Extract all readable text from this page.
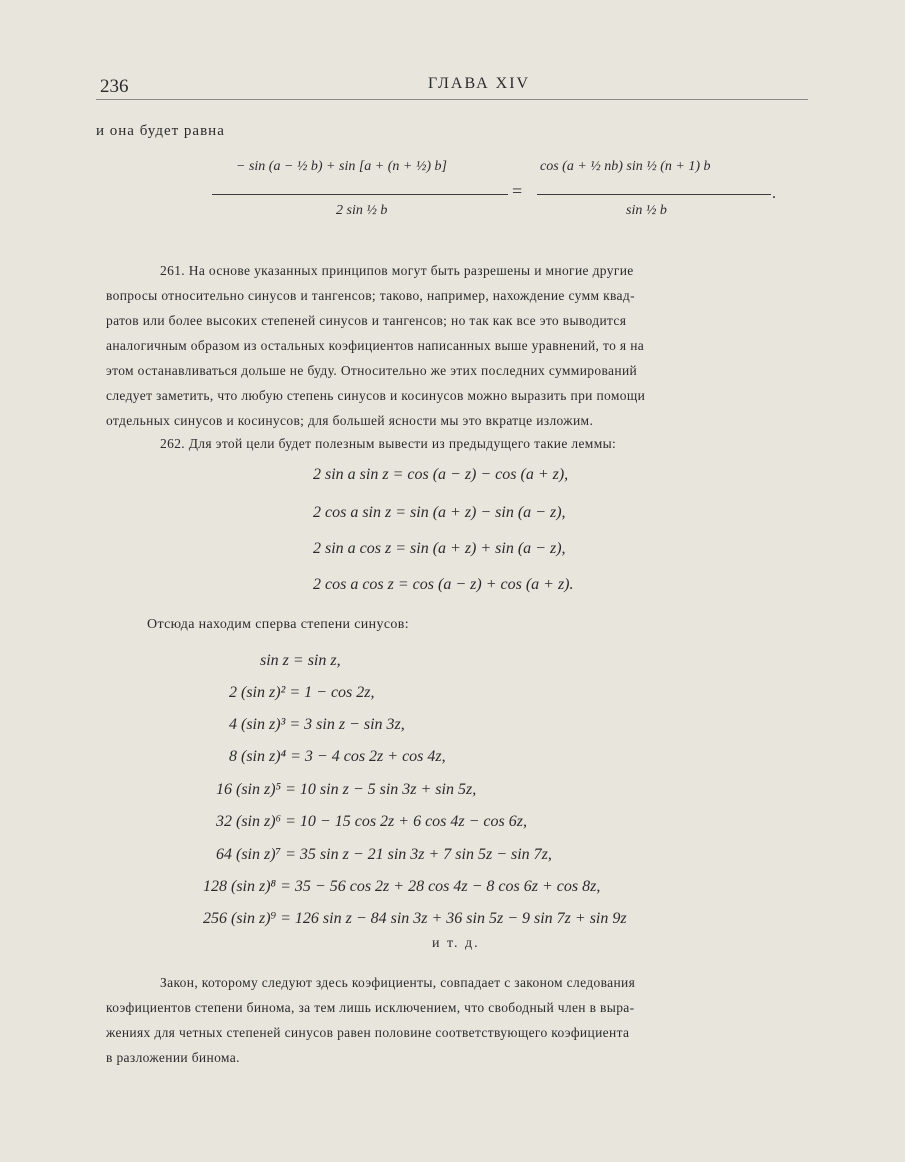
236	ГЛАВА XIV
и она будет равна
− sin (a − ½ b) + sin [a + (n + ½) b]
2 sin ½ b
=
cos (a + ½ nb) sin ½ (n + 1) b
sin ½ b
.
261. На основе указанных принципов могут быть разрешены и многие другие
вопросы относительно синусов и тангенсов; таково, например, нахождение сумм квад-
ратов или более высоких степеней синусов и тангенсов; но так как все это выводится
аналогичным образом из остальных коэфициентов написанных выше уравнений, то я на
этом останавливаться дольше не буду. Относительно же этих последних суммирований
следует заметить, что любую степень синусов и косинусов можно выразить при помощи
отдельных синусов и косинусов; для большей ясности мы это вкратце изложим.
262. Для этой цели будет полезным вывести из предыдущего такие леммы:
2 sin a sin z = cos (a − z) − cos (a + z),
2 cos a sin z = sin (a + z) − sin (a − z),
2 sin a cos z = sin (a + z) + sin (a − z),
2 cos a cos z = cos (a − z) + cos (a + z).
Отсюда находим сперва степени синусов:
sin z = sin z,
2 (sin z)² = 1 − cos 2z,
4 (sin z)³ = 3 sin z − sin 3z,
8 (sin z)⁴ = 3 − 4 cos 2z + cos 4z,
16 (sin z)⁵ = 10 sin z − 5 sin 3z + sin 5z,
32 (sin z)⁶ = 10 − 15 cos 2z + 6 cos 4z − cos 6z,
64 (sin z)⁷ = 35 sin z − 21 sin 3z + 7 sin 5z − sin 7z,
128 (sin z)⁸ = 35 − 56 cos 2z + 28 cos 4z − 8 cos 6z + cos 8z,
256 (sin z)⁹ = 126 sin z − 84 sin 3z + 36 sin 5z − 9 sin 7z + sin 9z
и т. д.
Закон, которому следуют здесь коэфициенты, совпадает с законом следования
коэфициентов степени бинома, за тем лишь исключением, что свободный член в выра-
жениях для четных степеней синусов равен половине соответствующего коэфициента
в разложении бинома.
